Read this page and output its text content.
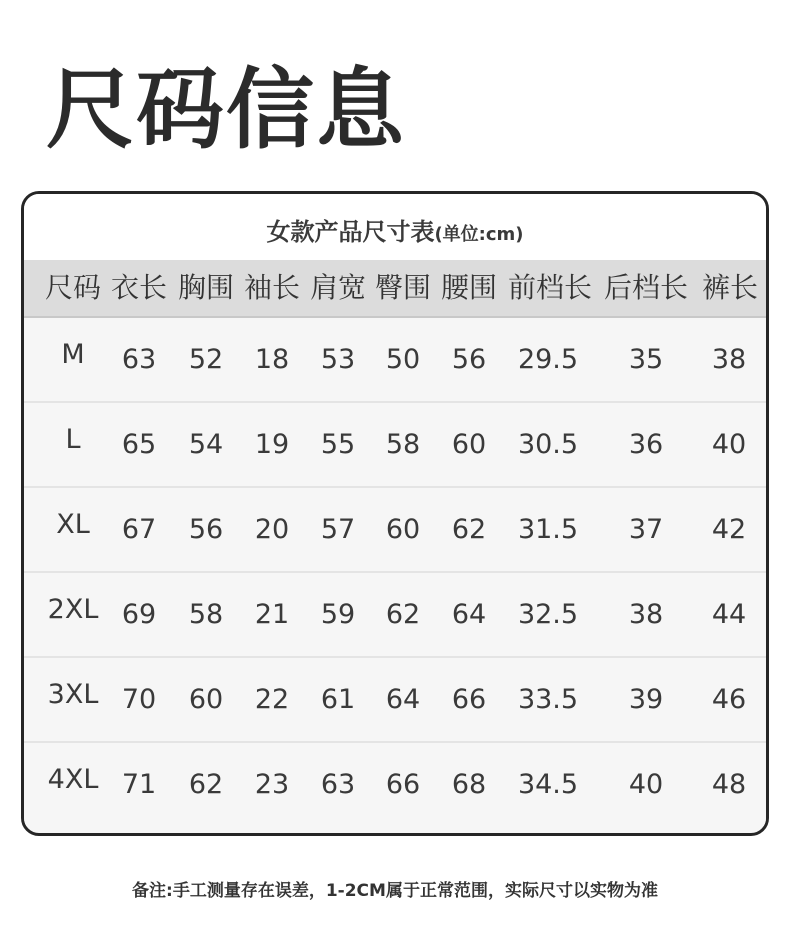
尺码信息
女款产品尺寸表(单位:cm)
尺码 衣长 胸围 袖长 肩宽 臀围 腰围 前档长 后档长 裤长
M 63 52 18 53 50 56 29.5 35 38
L 65 54 19 55 58 60 30.5 36 40
XL 67 56 20 57 60 62 31.5 37 42
2XL 69 58 21 59 62 64 32.5 38 44
3XL 70 60 22 61 64 66 33.5 39 46
4XL 71 62 23 63 66 68 34.5 40 48
备注:手工测量存在误差，1-2CM属于正常范围，实际尺寸以实物为准
